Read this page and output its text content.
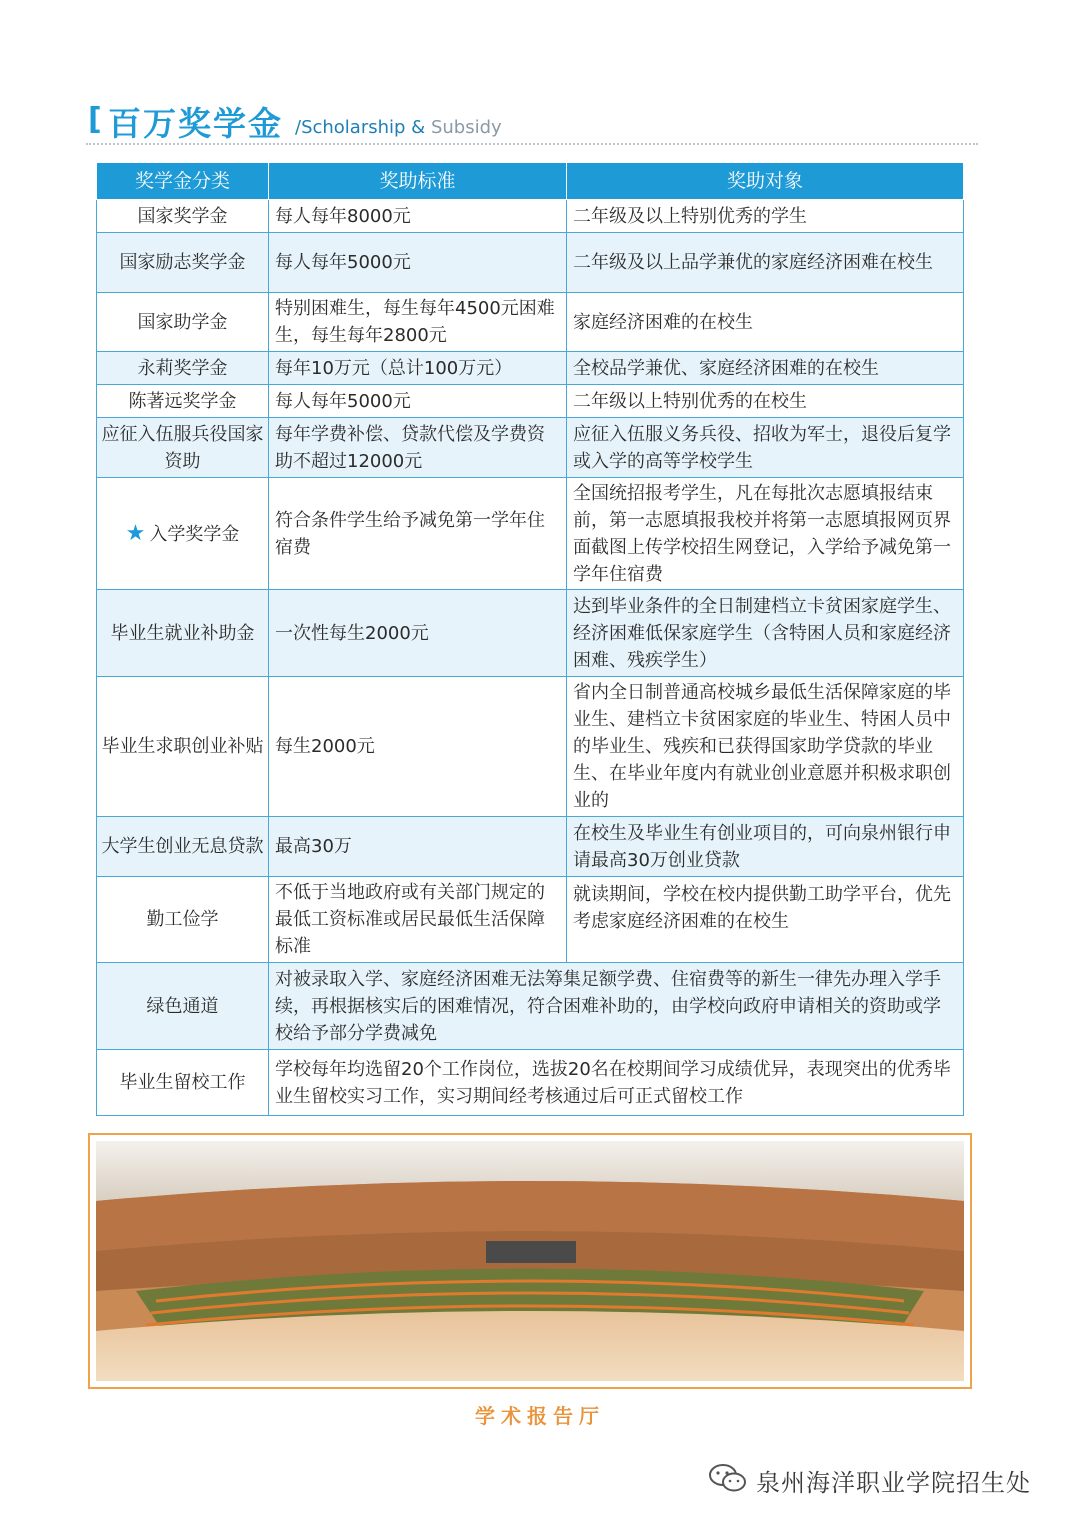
[ 百万奖学金 /Scholarship & Subsidy
奖学金分类	奖助标准	奖助对象
国家奖学金	每人每年8000元	二年级及以上特别优秀的学生
国家励志奖学金	每人每年5000元	二年级及以上品学兼优的家庭经济困难在校生
国家助学金	特别困难生，每生每年4500元困难生，每生每年2800元	家庭经济困难的在校生
永莉奖学金	每年10万元（总计100万元）	全校品学兼优、家庭经济困难的在校生
陈著远奖学金	每人每年5000元	二年级以上特别优秀的在校生
应征入伍服兵役国家资助	每年学费补偿、贷款代偿及学费资助不超过12000元	应征入伍服义务兵役、招收为军士，退役后复学或入学的高等学校学生
★ 入学奖学金	符合条件学生给予减免第一学年住宿费	全国统招报考学生，凡在每批次志愿填报结束前，第一志愿填报我校并将第一志愿填报网页界面截图上传学校招生网登记，入学给予减免第一学年住宿费
毕业生就业补助金	一次性每生2000元	达到毕业条件的全日制建档立卡贫困家庭学生、经济困难低保家庭学生（含特困人员和家庭经济困难、残疾学生）
毕业生求职创业补贴	每生2000元	省内全日制普通高校城乡最低生活保障家庭的毕业生、建档立卡贫困家庭的毕业生、特困人员中的毕业生、残疾和已获得国家助学贷款的毕业生、在毕业年度内有就业创业意愿并积极求职创业的
大学生创业无息贷款	最高30万	在校生及毕业生有创业项目的，可向泉州银行申请最高30万创业贷款
勤工俭学	不低于当地政府或有关部门规定的最低工资标准或居民最低生活保障标准	就读期间，学校在校内提供勤工助学平台，优先考虑家庭经济困难的在校生
绿色通道	对被录取入学、家庭经济困难无法筹集足额学费、住宿费等的新生一律先办理入学手续，再根据核实后的困难情况，符合困难补助的，由学校向政府申请相关的资助或学校给予部分学费减免	
毕业生留校工作	学校每年均选留20个工作岗位，选拔20名在校期间学习成绩优异，表现突出的优秀毕业生留校实习工作，实习期间经考核通过后可正式留校工作	
学术报告厅
泉州海洋职业学院招生处
